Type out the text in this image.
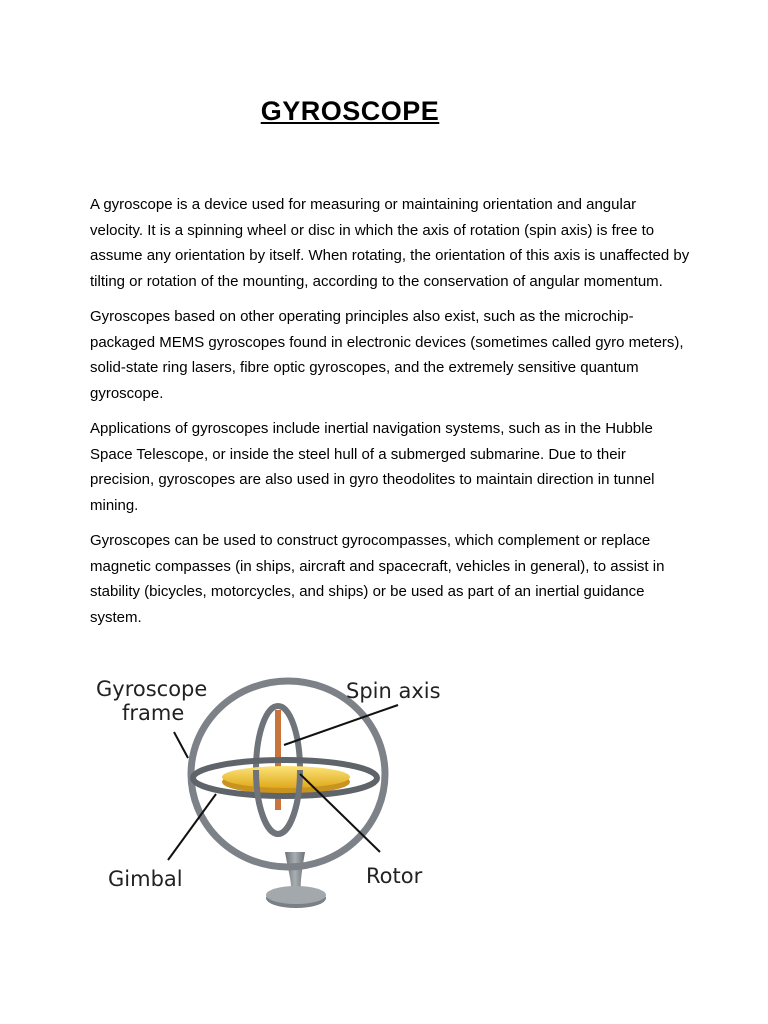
GYROSCOPE

A gyroscope is a device used for measuring or maintaining orientation and angular velocity. It is a spinning wheel or disc in which the axis of rotation (spin axis) is free to assume any orientation by itself. When rotating, the orientation of this axis is unaffected by tilting or rotation of the mounting, according to the conservation of angular momentum.

Gyroscopes based on other operating principles also exist, such as the microchip-packaged MEMS gyroscopes found in electronic devices (sometimes called gyro meters), solid-state ring lasers, fibre optic gyroscopes, and the extremely sensitive quantum gyroscope.

Applications of gyroscopes include inertial navigation systems, such as in the Hubble Space Telescope, or inside the steel hull of a submerged submarine. Due to their precision, gyroscopes are also used in gyro theodolites to maintain direction in tunnel mining.

Gyroscopes can be used to construct gyrocompasses, which complement or replace magnetic compasses (in ships, aircraft and spacecraft, vehicles in general), to assist in stability (bicycles, motorcycles, and ships) or be used as part of an inertial guidance system.

Gyroscope
frame
Spin axis
Gimbal	Rotor
